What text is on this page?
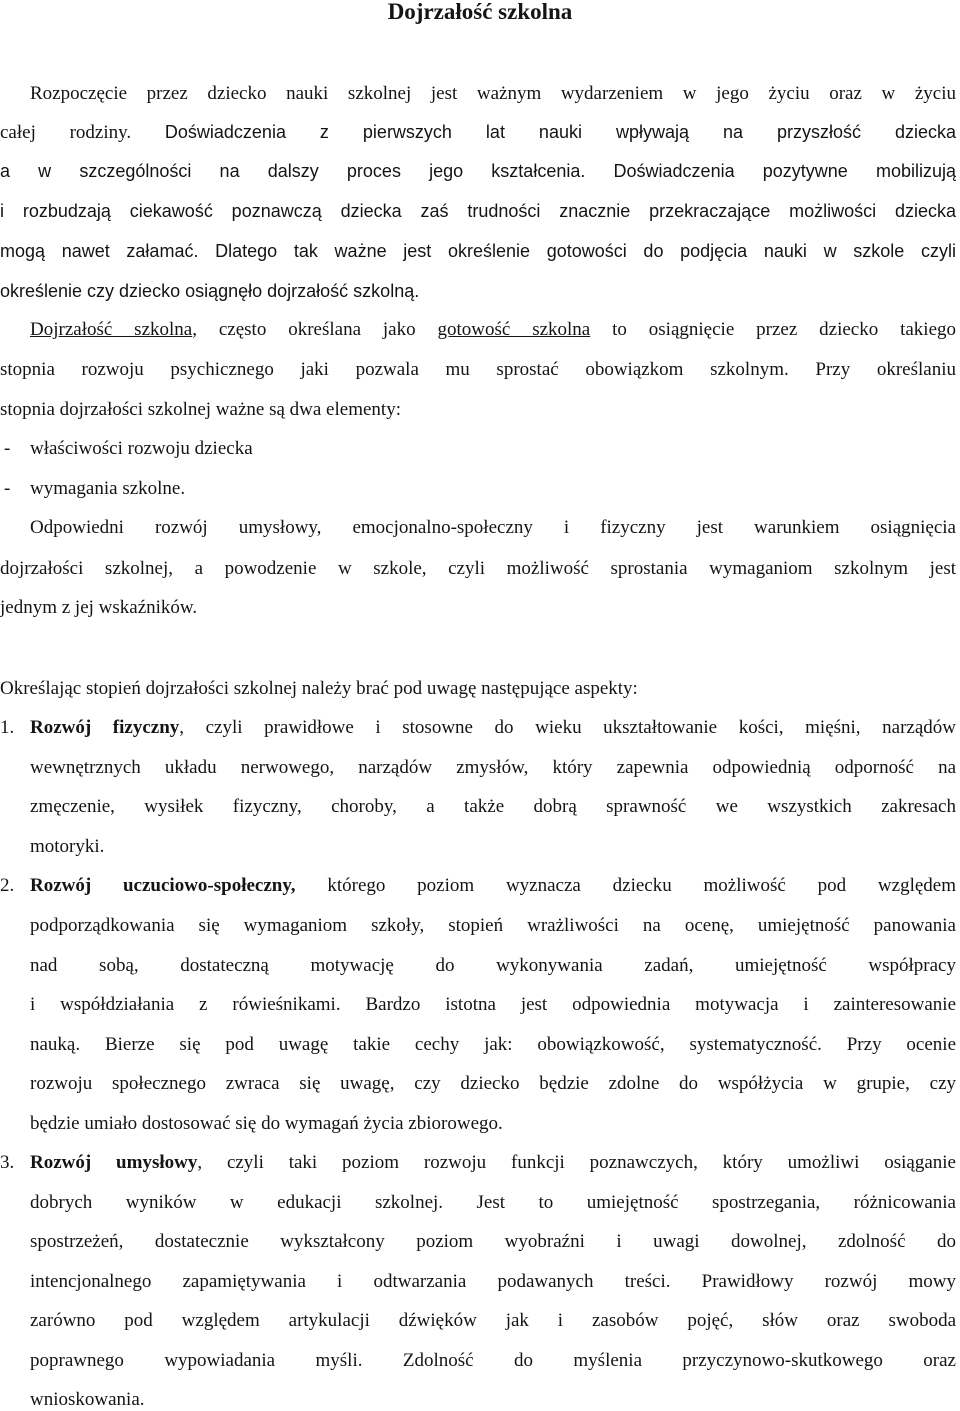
Dojrzałość szkolna
Rozpoczęcie przez dziecko nauki szkolnej jest ważnym wydarzeniem w jego życiu oraz w życiu
całej rodziny. Doświadczenia z pierwszych lat nauki wpływają na przyszłość dziecka
a w szczególności na dalszy proces jego kształcenia. Doświadczenia pozytywne mobilizują
i rozbudzają ciekawość poznawczą dziecka zaś trudności znacznie przekraczające możliwości dziecka
mogą nawet załamać. Dlatego tak ważne jest określenie gotowości do podjęcia nauki w szkole czyli
określenie czy dziecko osiągnęło dojrzałość szkolną.
Dojrzałość szkolna, często określana jako gotowość szkolna to osiągnięcie przez dziecko takiego
stopnia rozwoju psychicznego jaki pozwala mu sprostać obowiązkom szkolnym. Przy określaniu
stopnia dojrzałości szkolnej ważne są dwa elementy:
- właściwości rozwoju dziecka
- wymagania szkolne.
Odpowiedni rozwój umysłowy, emocjonalno-społeczny i fizyczny jest warunkiem osiągnięcia
dojrzałości szkolnej, a powodzenie w szkole, czyli możliwość sprostania wymaganiom szkolnym jest
jednym z jej wskaźników.
Określając stopień dojrzałości szkolnej należy brać pod uwagę następujące aspekty:
1. Rozwój fizyczny, czyli prawidłowe i stosowne do wieku ukształtowanie kości, mięśni, narządów
wewnętrznych układu nerwowego, narządów zmysłów, który zapewnia odpowiednią odporność na
zmęczenie, wysiłek fizyczny, choroby, a także dobrą sprawność we wszystkich zakresach
motoryki.
2. Rozwój uczuciowo-społeczny, którego poziom wyznacza dziecku możliwość pod względem
podporządkowania się wymaganiom szkoły, stopień wrażliwości na ocenę, umiejętność panowania
nad sobą, dostateczną motywację do wykonywania zadań, umiejętność współpracy
i współdziałania z rówieśnikami. Bardzo istotna jest odpowiednia motywacja i zainteresowanie
nauką. Bierze się pod uwagę takie cechy jak: obowiązkowość, systematyczność. Przy ocenie
rozwoju społecznego zwraca się uwagę, czy dziecko będzie zdolne do współżycia w grupie, czy
będzie umiało dostosować się do wymagań życia zbiorowego.
3. Rozwój umysłowy, czyli taki poziom rozwoju funkcji poznawczych, który umożliwi osiąganie
dobrych wyników w edukacji szkolnej. Jest to umiejętność spostrzegania, różnicowania
spostrzeżeń, dostatecznie wykształcony poziom wyobraźni i uwagi dowolnej, zdolność do
intencjonalnego zapamiętywania i odtwarzania podawanych treści. Prawidłowy rozwój mowy
zarówno pod względem artykulacji dźwięków jak i zasobów pojęć, słów oraz swoboda
poprawnego wypowiadania myśli. Zdolność do myślenia przyczynowo-skutkowego oraz
wnioskowania.
